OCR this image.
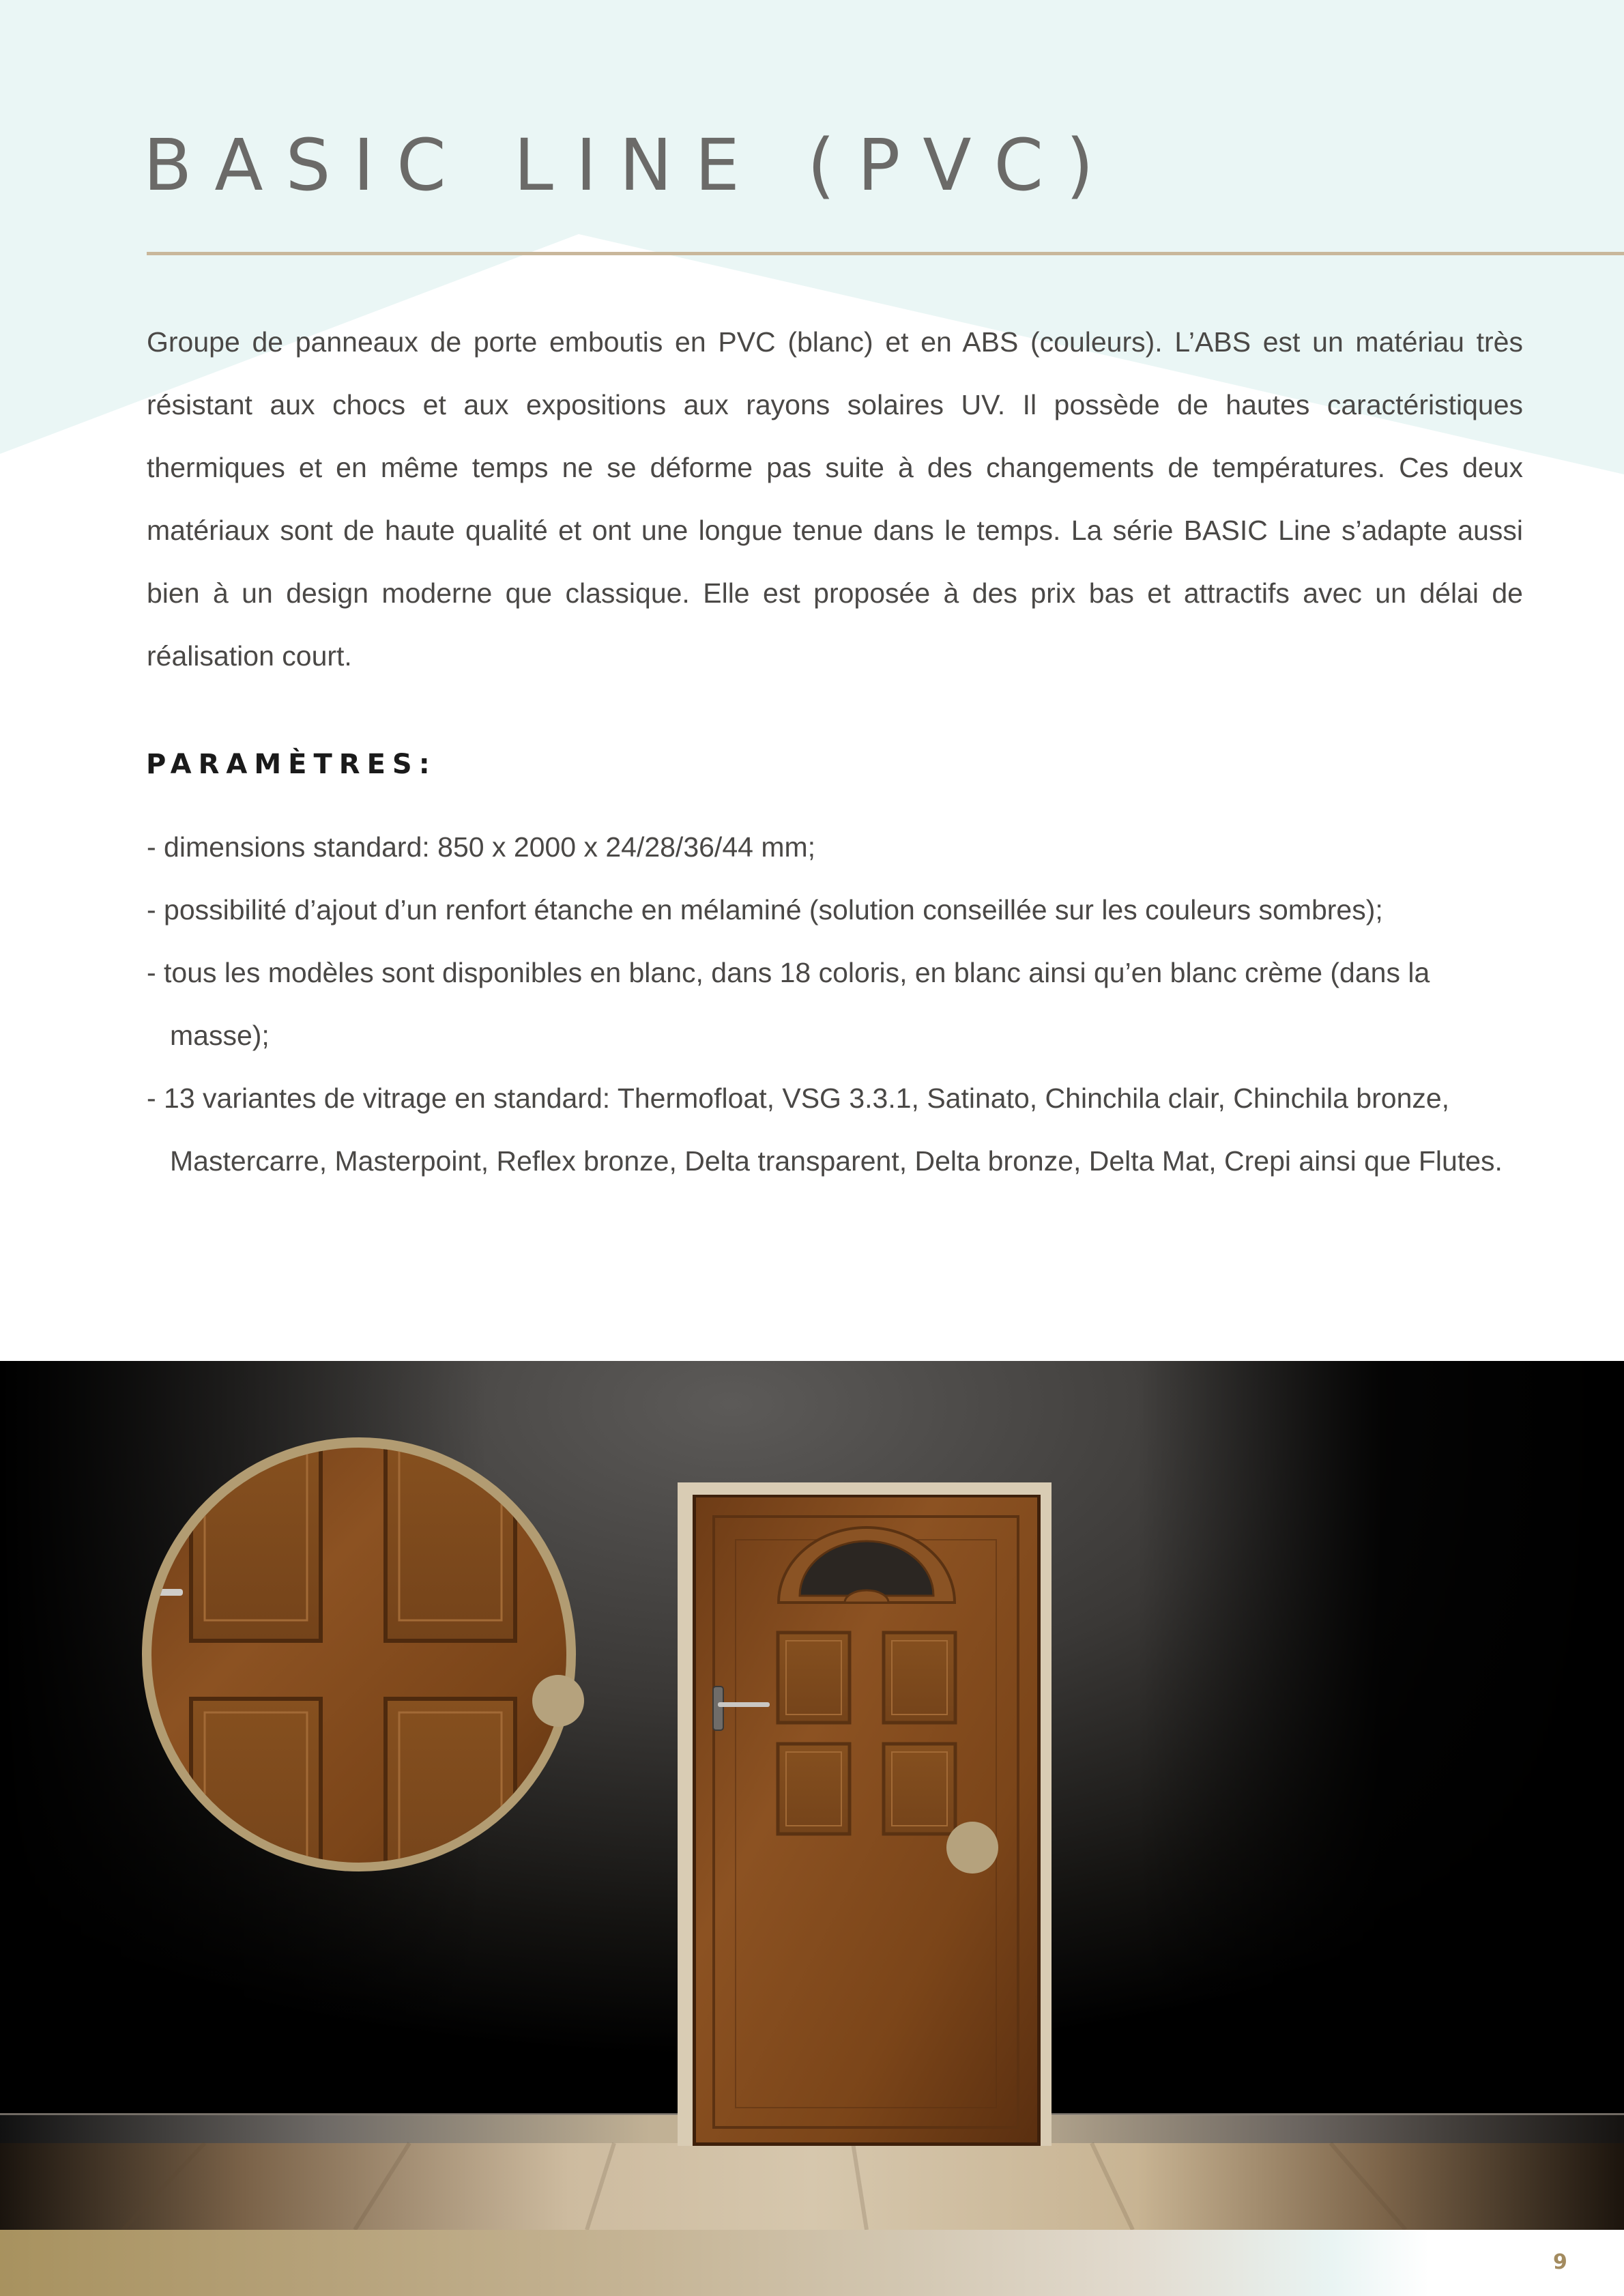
BASIC LINE (PVC)

Groupe de panneaux de porte emboutis en PVC (blanc) et en ABS (couleurs). L’ABS est un matériau très résistant aux chocs et aux expositions aux rayons solaires UV. Il possède de hautes caractéristiques thermiques et en même temps ne se déforme pas suite à des changements de températures. Ces deux matériaux sont de haute qualité et ont une longue tenue dans le temps. La série BASIC Line s’adapte aussi bien à un design moderne que classique. Elle est proposée à des prix bas et attractifs avec un délai de réalisation court.

PARAMÈTRES:
- dimensions standard: 850 x 2000 x 24/28/36/44 mm;
- possibilité d’ajout d’un renfort étanche en mélaminé (solution conseillée sur les couleurs sombres);
- tous les modèles sont disponibles en blanc, dans 18 coloris, en blanc ainsi qu’en blanc crème (dans la masse);
- 13 variantes de vitrage en standard: Thermofloat, VSG 3.3.1, Satinato, Chinchila clair, Chinchila bronze, Mastercarre, Masterpoint, Reflex bronze, Delta transparent, Delta bronze, Delta Mat, Crepi ainsi que Flutes.
9
